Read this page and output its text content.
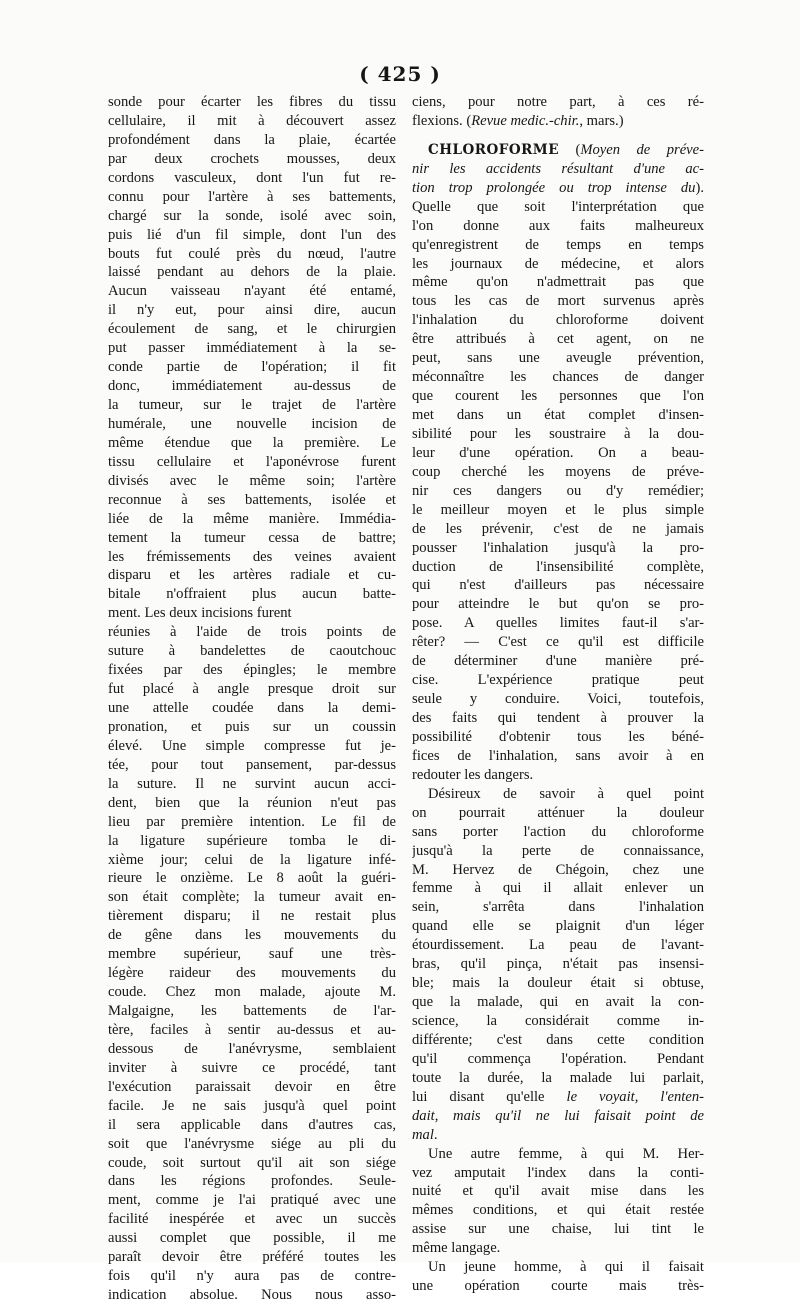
( 425 )
sonde pour écarter les fibres du tissu
cellulaire, il mit à découvert assez
profondément dans la plaie, écartée
par deux crochets mousses, deux
cordons vasculeux, dont l'un fut re-
connu pour l'artère à ses battements,
chargé sur la sonde, isolé avec soin,
puis lié d'un fil simple, dont l'un des
bouts fut coulé près du nœud, l'autre
laissé pendant au dehors de la plaie.
Aucun vaisseau n'ayant été entamé,
il n'y eut, pour ainsi dire, aucun
écoulement de sang, et le chirurgien
put passer immédiatement à la se-
conde partie de l'opération; il fit
donc, immédiatement au-dessus de
la tumeur, sur le trajet de l'artère
humérale, une nouvelle incision de
même étendue que la première. Le
tissu cellulaire et l'aponévrose furent
divisés avec le même soin; l'artère
reconnue à ses battements, isolée et
liée de la même manière. Immédia-
tement la tumeur cessa de battre;
les frémissements des veines avaient
disparu et les artères radiale et cu-
bitale n'offraient plus aucun batte-
ment. Les deux incisions furent
réunies à l'aide de trois points de
suture à bandelettes de caoutchouc
fixées par des épingles; le membre
fut placé à angle presque droit sur
une attelle coudée dans la demi-
pronation, et puis sur un coussin
élevé. Une simple compresse fut je-
tée, pour tout pansement, par-dessus
la suture. Il ne survint aucun acci-
dent, bien que la réunion n'eut pas
lieu par première intention. Le fil de
la ligature supérieure tomba le di-
xième jour; celui de la ligature infé-
rieure le onzième. Le 8 août la guéri-
son était complète; la tumeur avait en-
tièrement disparu; il ne restait plus
de gêne dans les mouvements du
membre supérieur, sauf une très-
légère raideur des mouvements du
coude. Chez mon malade, ajoute M.
Malgaigne, les battements de l'ar-
tère, faciles à sentir au-dessus et au-
dessous de l'anévrysme, semblaient
inviter à suivre ce procédé, tant
l'exécution paraissait devoir en être
facile. Je ne sais jusqu'à quel point
il sera applicable dans d'autres cas,
soit que l'anévrysme siége au pli du
coude, soit surtout qu'il ait son siége
dans les régions profondes. Seule-
ment, comme je l'ai pratiqué avec une
facilité inespérée et avec un succès
aussi complet que possible, il me
paraît devoir être préféré toutes les
fois qu'il n'y aura pas de contre-
indication absolue. Nous nous asso-
ciens, pour notre part, à ces ré-
flexions. (Revue medic.-chir., mars.)

CHLOROFORME (Moyen de préve-
nir les accidents résultant d'une ac-
tion trop prolongée ou trop intense du).
Quelle que soit l'interprétation que
l'on donne aux faits malheureux
qu'enregistrent de temps en temps
les journaux de médecine, et alors
même qu'on n'admettrait pas que
tous les cas de mort survenus après
l'inhalation du chloroforme doivent
être attribués à cet agent, on ne
peut, sans une aveugle prévention,
méconnaître les chances de danger
que courent les personnes que l'on
met dans un état complet d'insen-
sibilité pour les soustraire à la dou-
leur d'une opération. On a beau-
coup cherché les moyens de préve-
nir ces dangers ou d'y remédier;
le meilleur moyen et le plus simple
de les prévenir, c'est de ne jamais
pousser l'inhalation jusqu'à la pro-
duction de l'insensibilité complète,
qui n'est d'ailleurs pas nécessaire
pour atteindre le but qu'on se pro-
pose. A quelles limites faut-il s'ar-
rêter? — C'est ce qu'il est difficile
de déterminer d'une manière pré-
cise. L'expérience pratique peut
seule y conduire. Voici, toutefois,
des faits qui tendent à prouver la
possibilité d'obtenir tous les béné-
fices de l'inhalation, sans avoir à en
redouter les dangers.
Désireux de savoir à quel point
on pourrait atténuer la douleur
sans porter l'action du chloroforme
jusqu'à la perte de connaissance,
M. Hervez de Chégoin, chez une
femme à qui il allait enlever un
sein, s'arrêta dans l'inhalation
quand elle se plaignit d'un léger
étourdissement. La peau de l'avant-
bras, qu'il pinça, n'était pas insensi-
ble; mais la douleur était si obtuse,
que la malade, qui en avait la con-
science, la considérait comme in-
différente; c'est dans cette condition
qu'il commença l'opération. Pendant
toute la durée, la malade lui parlait,
lui disant qu'elle le voyait, l'enten-
dait, mais qu'il ne lui faisait point de
mal.
Une autre femme, à qui M. Her-
vez amputait l'index dans la conti-
nuité et qu'il avait mise dans les
mêmes conditions, et qui était restée
assise sur une chaise, lui tint le
même langage.
Un jeune homme, à qui il faisait
une opération courte mais très-
